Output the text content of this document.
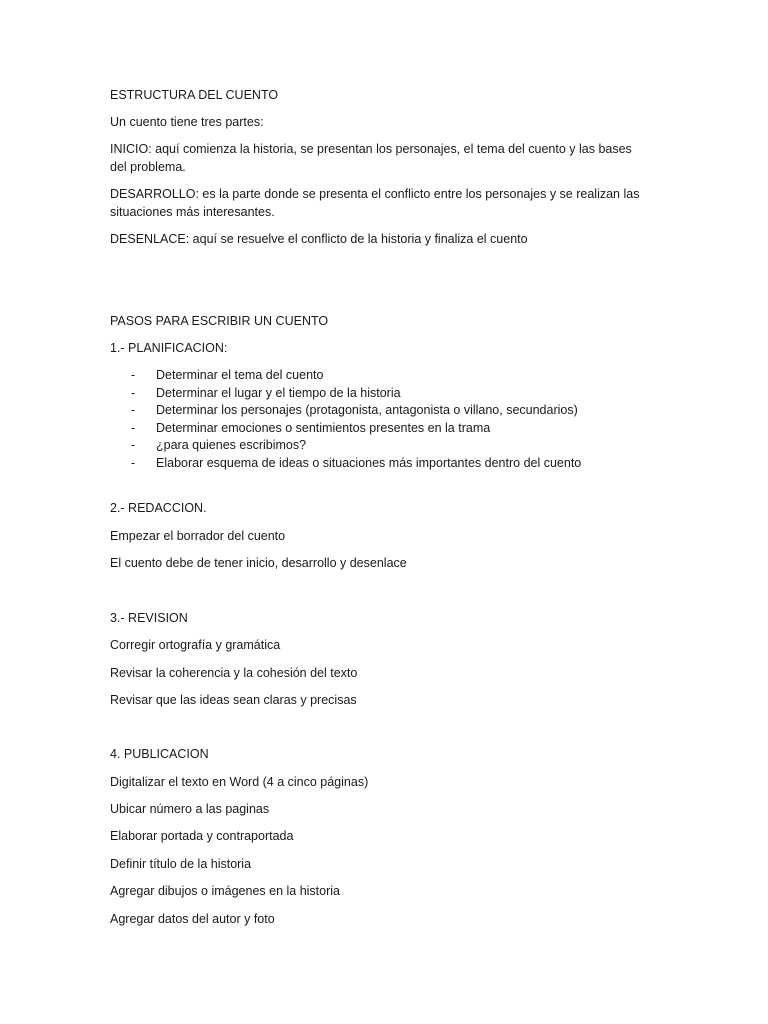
ESTRUCTURA DEL CUENTO
Un cuento tiene tres partes:
INICIO: aquí comienza la historia, se presentan los personajes, el tema del cuento y las bases del problema.
DESARROLLO: es la parte donde se presenta el conflicto entre los personajes y se realizan las situaciones más interesantes.
DESENLACE: aquí se resuelve el conflicto de la historia y finaliza el cuento
PASOS PARA ESCRIBIR UN CUENTO
1.- PLANIFICACION:
- Determinar el tema del cuento
- Determinar el lugar y el tiempo de la historia
- Determinar los personajes (protagonista, antagonista o villano, secundarios)
- Determinar emociones o sentimientos presentes en la trama
- ¿para quienes escribimos?
- Elaborar esquema de ideas o situaciones más importantes dentro del cuento
2.- REDACCION.
Empezar el borrador del cuento
El cuento debe de tener inicio, desarrollo y desenlace
3.- REVISION
Corregir ortografía y gramática
Revisar la coherencia y la cohesión del texto
Revisar que las ideas sean claras y precisas
4. PUBLICACION
Digitalizar el texto en Word (4 a cinco páginas)
Ubicar número a las paginas
Elaborar portada y contraportada
Definir título de la historia
Agregar dibujos o imágenes en la historia
Agregar datos del autor y foto
